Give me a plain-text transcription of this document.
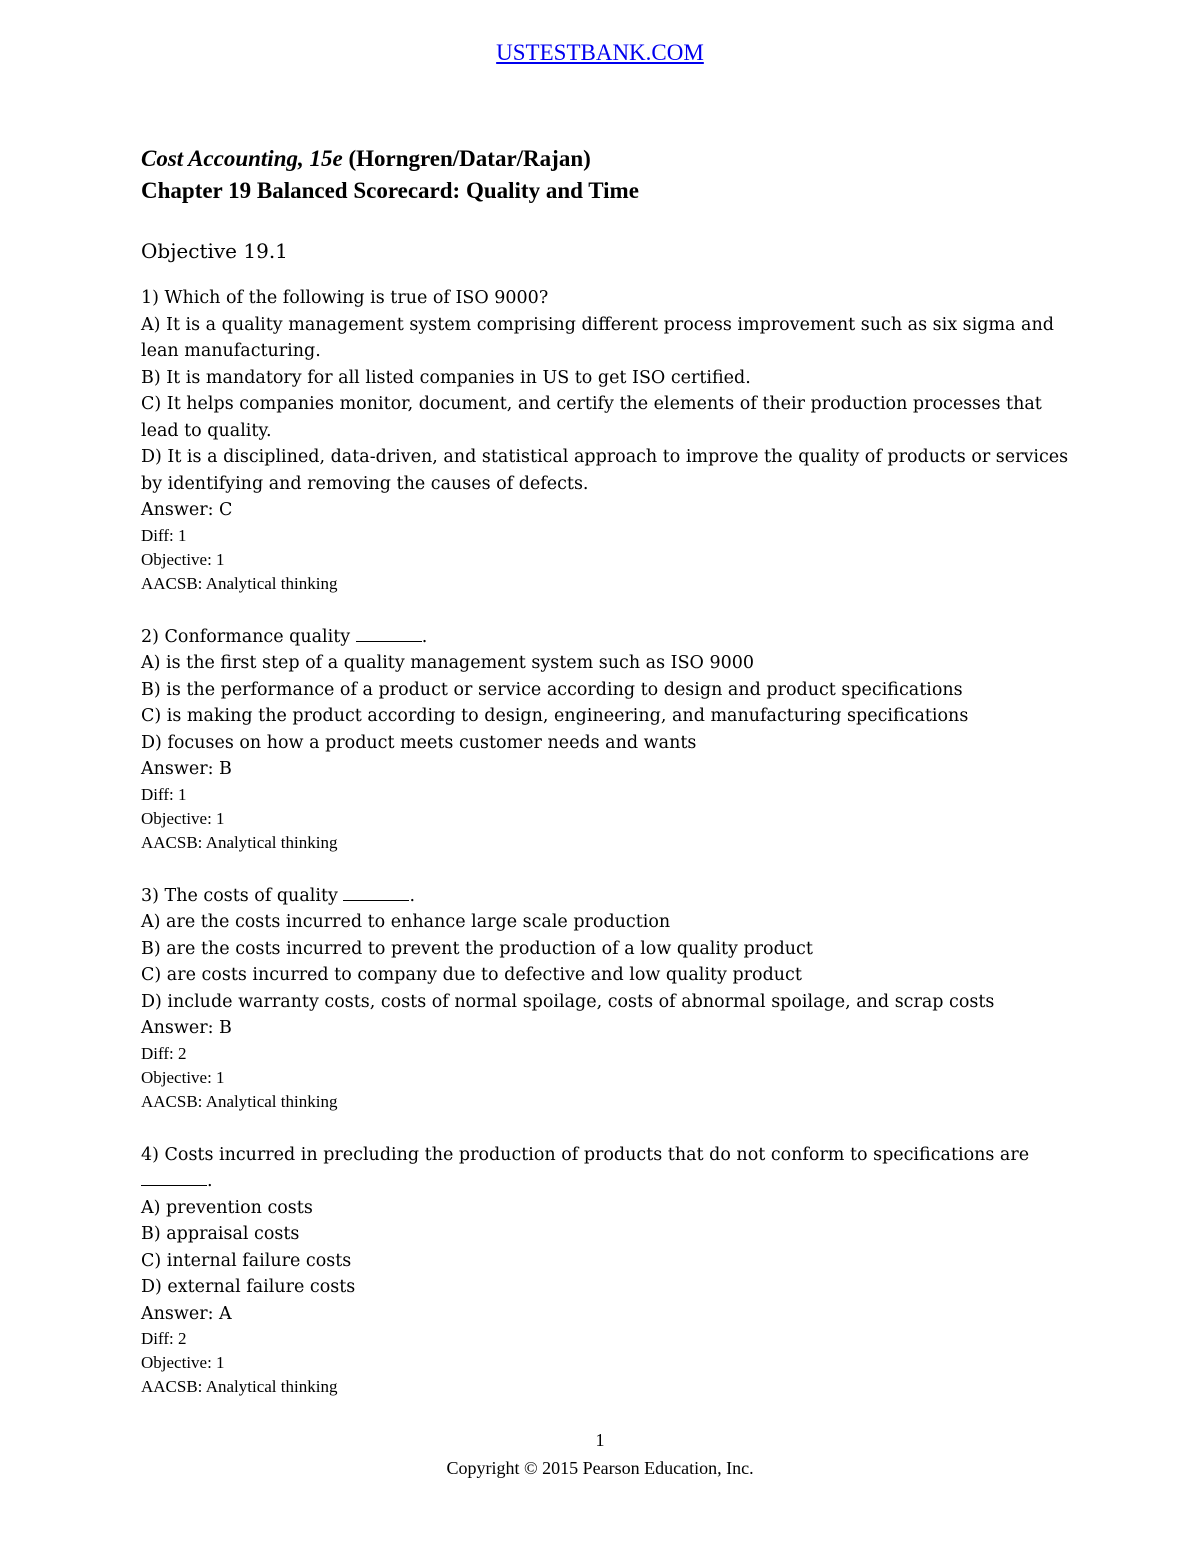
USTESTBANK.COM
Cost Accounting, 15e (Horngren/Datar/Rajan)
Chapter 19 Balanced Scorecard: Quality and Time
Objective 19.1
1) Which of the following is true of ISO 9000?
A) It is a quality management system comprising different process improvement such as six sigma and lean manufacturing.
B) It is mandatory for all listed companies in US to get ISO certified.
C) It helps companies monitor, document, and certify the elements of their production processes that lead to quality.
D) It is a disciplined, data-driven, and statistical approach to improve the quality of products or services by identifying and removing the causes of defects.
Answer: C
Diff: 1
Objective: 1
AACSB: Analytical thinking
2) Conformance quality	.
A) is the first step of a quality management system such as ISO 9000
B) is the performance of a product or service according to design and product specifications
C) is making the product according to design, engineering, and manufacturing specifications
D) focuses on how a product meets customer needs and wants
Answer: B
Diff: 1
Objective: 1
AACSB: Analytical thinking
3) The costs of quality	.
A) are the costs incurred to enhance large scale production
B) are the costs incurred to prevent the production of a low quality product
C) are costs incurred to company due to defective and low quality product
D) include warranty costs, costs of normal spoilage, costs of abnormal spoilage, and scrap costs
Answer: B
Diff: 2
Objective: 1
AACSB: Analytical thinking
4) Costs incurred in precluding the production of products that do not conform to specifications are
.
A) prevention costs
B) appraisal costs
C) internal failure costs
D) external failure costs
Answer: A
Diff: 2
Objective: 1
AACSB: Analytical thinking
1
Copyright © 2015 Pearson Education, Inc.
